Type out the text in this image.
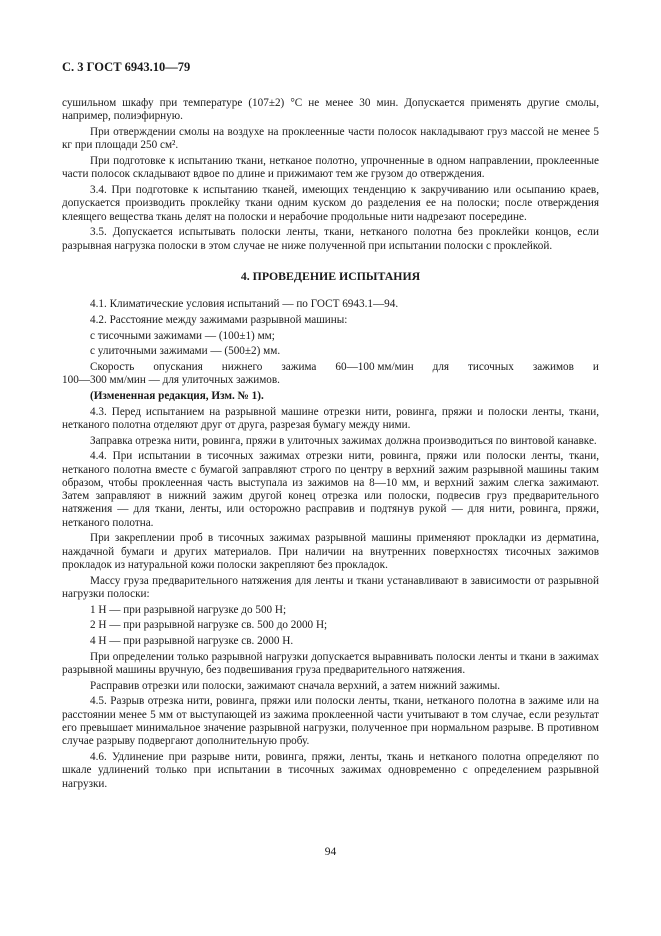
С. 3 ГОСТ 6943.10—79

сушильном шкафу при температуре (107±2) °С не менее 30 мин. Допускается применять другие смолы, например, полиэфирную.

При отверждении смолы на воздухе на проклеенные части полосок накладывают груз массой не менее 5 кг при площади 250 см².

При подготовке к испытанию ткани, нетканое полотно, упрочненные в одном направлении, проклеенные части полосок складывают вдвое по длине и прижимают тем же грузом до отверждения.

3.4. При подготовке к испытанию тканей, имеющих тенденцию к закручиванию или осыпанию краев, допускается производить проклейку ткани одним куском до разделения ее на полоски; после отверждения клеящего вещества ткань делят на полоски и нерабочие продольные нити надрезают посередине.

3.5. Допускается испытывать полоски ленты, ткани, нетканого полотна без проклейки концов, если разрывная нагрузка полоски в этом случае не ниже полученной при испытании полоски с проклейкой.

4. ПРОВЕДЕНИЕ ИСПЫТАНИЯ

4.1. Климатические условия испытаний — по ГОСТ 6943.1—94.

4.2. Расстояние между зажимами разрывной машины:

с тисочными зажимами — (100±1) мм;

с улиточными зажимами — (500±2) мм.

Скорость опускания нижнего зажима 60—100 мм/мин для тисочных зажимов и

100—300 мм/мин — для улиточных зажимов.

(Измененная редакция, Изм. № 1).

4.3. Перед испытанием на разрывной машине отрезки нити, ровинга, пряжи и полоски ленты, ткани, нетканого полотна отделяют друг от друга, разрезая бумагу между ними.

Заправка отрезка нити, ровинга, пряжи в улиточных зажимах должна производиться по винтовой канавке.

4.4. При испытании в тисочных зажимах отрезки нити, ровинга, пряжи или полоски ленты, ткани, нетканого полотна вместе с бумагой заправляют строго по центру в верхний зажим разрывной машины таким образом, чтобы проклеенная часть выступала из зажимов на 8—10 мм, и верхний зажим слегка зажимают. Затем заправляют в нижний зажим другой конец отрезка или полоски, подвесив груз предварительного натяжения — для ткани, ленты, или осторожно расправив и подтянув рукой — для нити, ровинга, пряжи, нетканого полотна.

При закреплении проб в тисочных зажимах разрывной машины применяют прокладки из дерматина, наждачной бумаги и других материалов. При наличии на внутренних поверхностях тисочных зажимов прокладок из натуральной кожи полоски закрепляют без прокладок.

Массу груза предварительного натяжения для ленты и ткани устанавливают в зависимости от разрывной нагрузки полоски:

1 Н — при разрывной нагрузке до 500 Н;

2 Н — при разрывной нагрузке св. 500 до 2000 Н;

4 Н — при разрывной нагрузке св. 2000 Н.

При определении только разрывной нагрузки допускается выравнивать полоски ленты и ткани в зажимах разрывной машины вручную, без подвешивания груза предварительного натяжения.

Расправив отрезки или полоски, зажимают сначала верхний, а затем нижний зажимы.

4.5. Разрыв отрезка нити, ровинга, пряжи или полоски ленты, ткани, нетканого полотна в зажиме или на расстоянии менее 5 мм от выступающей из зажима проклеенной части учитывают в том случае, если результат его превышает минимальное значение разрывной нагрузки, полученное при нормальном разрыве. В противном случае разрыву подвергают дополнительную пробу.

4.6. Удлинение при разрыве нити, ровинга, пряжи, ленты, ткань и нетканого полотна определяют по шкале удлинений только при испытании в тисочных зажимах одновременно с определением разрывной нагрузки.

94
